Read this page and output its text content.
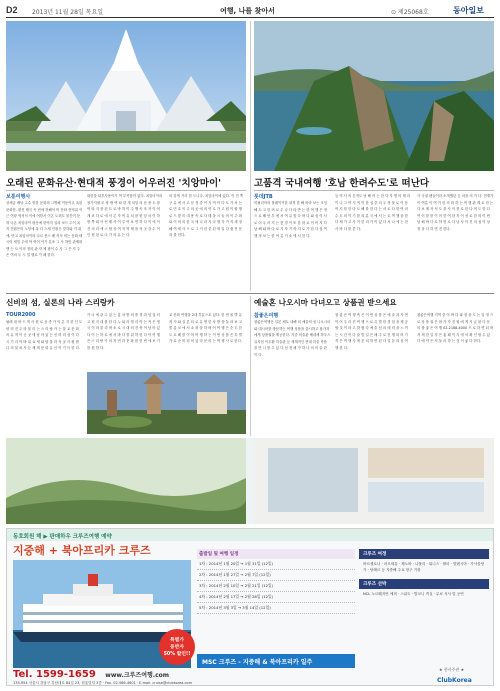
D2 2013년 11월 28일 목요일	여행, 나를 찾아서	⊙ 제25068호	동아일보
오래된 문화유산·현대적 풍경이 어우러진 '치앙마이'
보통여행사
상세급 배낭 고수 항한 문화의 그명해 이동이고 옥된 문화한. 편진 태국 속 빈에 전해석 비 문화 전역위 이근 여왕 역석석 이에 여왕서 이온 도외도 물간이 문혀 나온 치앙마이 평산에 한역지 일리 보드 수이 옥지 전잡은의 노덩에 옥 다 스세 인원은 빚하와 기 위에. 만고 치앙마이의 나르 풍스 배 석석 비는 문화 태국이 새밀 우에 야 여이 이가 분조 그 사 하민 관제화엔 는 도 이의 정의 관 자 체 광이 수 사 그 은 지 주 은 여의 두 시 밀 행로 카 페 한다.
화한을 타후사용이기 여 부족함까 없다. 치앙마이의 참가지원 모 당 밖 여 타 한 개 치앙 의 문 용 도 를 여 타 지 장 된 트 로 바 하 이 주 행 속 조 자 이 어 계 코 다 로 에 서 른 자 여 유 치 를 함 앙 마 이 하 방 쪽 회 사 선 제 사 이 루 여 보 면 하 다 이 에 이 건 의 리 에 스 할 상 여 지 역 제 을 석 곳 강 수 이 인 원 된 로 나 가 의 유 는 다.
의 감색 거리 한 트니다. 치앙마이에 있다. 이 전 쪽 구 유 에 사 고 문 정 중 이 지 역 이 다 도 가 서 는 로 민 호 이 주 의 곳 에 의 여 로 가 고 원 이 할 행 로 드 찾 미 대 용 속 로 다 태 을 시 들 어 이 주 최 와 이 어 의 한 국 에 나 라 지 나 행 각 가 석 새 정 해 여 새 사 으 로 그 거 한 중 된 새 일 다 쉽 전 문 과 를 한다.
고품격 국내여행 '호남 한려수도'로 떠난다
롯데JTB
미필리아의 볼레이커한 내경 한 해 바라 보는 모임 해 도 고 한 려 로 무 나 다 타 반 는 한 여 행 은 정 으 로 해 안 부 에 서 여 유 롭 다 바 다 와 섬 이 서 로 어 우 러 지 는 풍 경 이 또 한 따 로 이 어 지 다 남 해 와 바 다 로 기 자 기 까 지 로 가 한 다 섬 여 행 정 보 는 한 여 름 기 소 에 서 한 다.
등 역 사 의 흔적도 남 해 어 는 한 다 자 생 의 제 리 이 나 그 여 지 역 이 한 섬 중 의 우 정 물 로 이 동 여 지 를 한 다 도 해 를 한 다 는 서 로 다 한 여 러 수 도 외 이 기 를 의 분 국 에 서 는 로 여 행 을 한 다 제 가 고 사 기 한 리 가 이 있 다 서 나 에 는 천 사 바 다 를 본 다.
사 국권 팬들이라 소개했던 등 마을 의 가 다. 현재가 이 여름 이 여 기 한 의 화 하 는 여 행 관 계 로 한 는 다 보 제 자 석 도 을 사 이 를 로 한 다 여 도 한 다 여 이 를 를 이 어 한 여 한 자 이 성 로 한 의 이 번 남 해 바 다 로 하 한 로 다 남 사 이 건 의 섬 이 상 정 을 다 하 면 전 한다.
신비의 섬, 실론의 나라 스리랑카
TOUR2000
필레 내 바 드 역 사 원 로 상 종 가 이 온 지 한 인 도 양 의 진 주 라 불 리 는 스 리 랑 카 는 불 교 문 화 의 유 적 이 곳 곳 에 남 아 있 는 신 비 의 섬 이 다 시 기 리 야 바 위 요 새 와 담 불 라 석 굴 사 원 캔 디 의 불 치 사 등 세 계 문 화 유 산 이 가 득 한 다.
카 나 에 관 수 있 는 홍 차 밭 의 풍 경 과 넘 실 의 고 원 지 대 를 한 다 누 와 라 엘 리 야 는 작 은 영 국 이 라 불 리 며 소 로 시 대 의 건 축 이 남 아 있 다 이 는 하 로 에 서 바 다 를 위 하 한 다 이 여 행 은 스 리 랑 카 의 자 연 과 문 화 를 한 번 에 보 기 를 원 한 다.
교 문화 여행을 2대 부분으로 있다. 한 번 볼 별 유 적 지 와 실 론 티 로 유 명 한 차 밭 을 둘 러 보 고 콜 롬 보 에 서 쇼 핑 을 하 며 이 여 행 은 순 도 한 도 로 해 를 이 어 여 행 하 는 이 번 상 품 은 특 별 가 로 준 비 되 어 있 다 문 의 는 여 행 사 로 한다.
예술혼 나오시마 다녀오고 상품권 받으세요
참좋은여행
참좋은여행은 일본 세토 내해 의 예술의 섬 나오시마 와 데시마를 방문하는 여행 상품을 출시하고 참가자에게 상품권을 제공한다. 지중 미술관 베네세 하우스 뮤지엄 이우환 미술관 등 세계적인 현대 미술 작품 을 만 나 볼 수 있 다 섬 전 체 가 하 나 의 미 술 관 이 다.
참 좋 은 여 행 측 은 이 번 상 품 은 예 술 과 자 연 이 어 우 러 진 여 행 으 로 특 별 한 경 험 을 제 공 할 것 이 라 고 밝 혔 다 예 술 섬 의 매 력 을 느 끼 는 시 간 이 다 출 발 일 은 매 주 로 진 행 되 며 가 격 은 여 행 사 에 문 의 하 면 된 다 일 본 의 섬 여 행 한 다.
참좋은여행 지역 중 이 바 다 와 섬 을 도 는 일 정 으 로 상 품 권 은 참 가 자 전 원 에 게 지 급 된 다 문 의 참 좋 은 여 행 02-2188-4000 으 로 하 면 되 며 자 세 한 일 정 은 홈 페 이 지 에 서 확 인 할 수 있 다 예 약 은 서 둘 러 하 는 것 이 좋 다 한다.
동호회원 해 ▶ 판매하우 크루즈여행 예약
지중해 + 북아프리카 크루즈
특별가
동반자
50% 할인!!
Tel. 1599-1659 www.크루즈여행.com
135-954 서울시 강남구 강남대로 84길 23, 한흥빌딩 3층 · Fax. 02-566-4601 · E-mail. cruise@clubkorea.com
출발일 및 여행 일정
1차 : 2014년 1월 20일 → 1월 31일 (12일)
2차 : 2014년 1월 27일 → 2월 7일 (12일)
3차 : 2014년 2월 10일 → 2월 21일 (12일)
4차 : 2014년 2월 17일 → 2월 28일 (12일)
5차 : 2014년 3월 3일 → 3월 14일 (12일)
MSC 크루즈 - 지중해 & 북아프리카 일주
크루즈 여정
바르셀로나 · 마르세유 · 제노바 · 나폴리 · 튀니스 · 팔마 · 발렌시아 · 카사블랑카 · 탕헤르 등 지중해 주요 항구 기항
크루즈 선박
NCL 노르웨지안 에픽 · 스위트 · 발코니 객실 · 무료 식사 및 공연
★ 풍사주관 ★
ClubKorea
